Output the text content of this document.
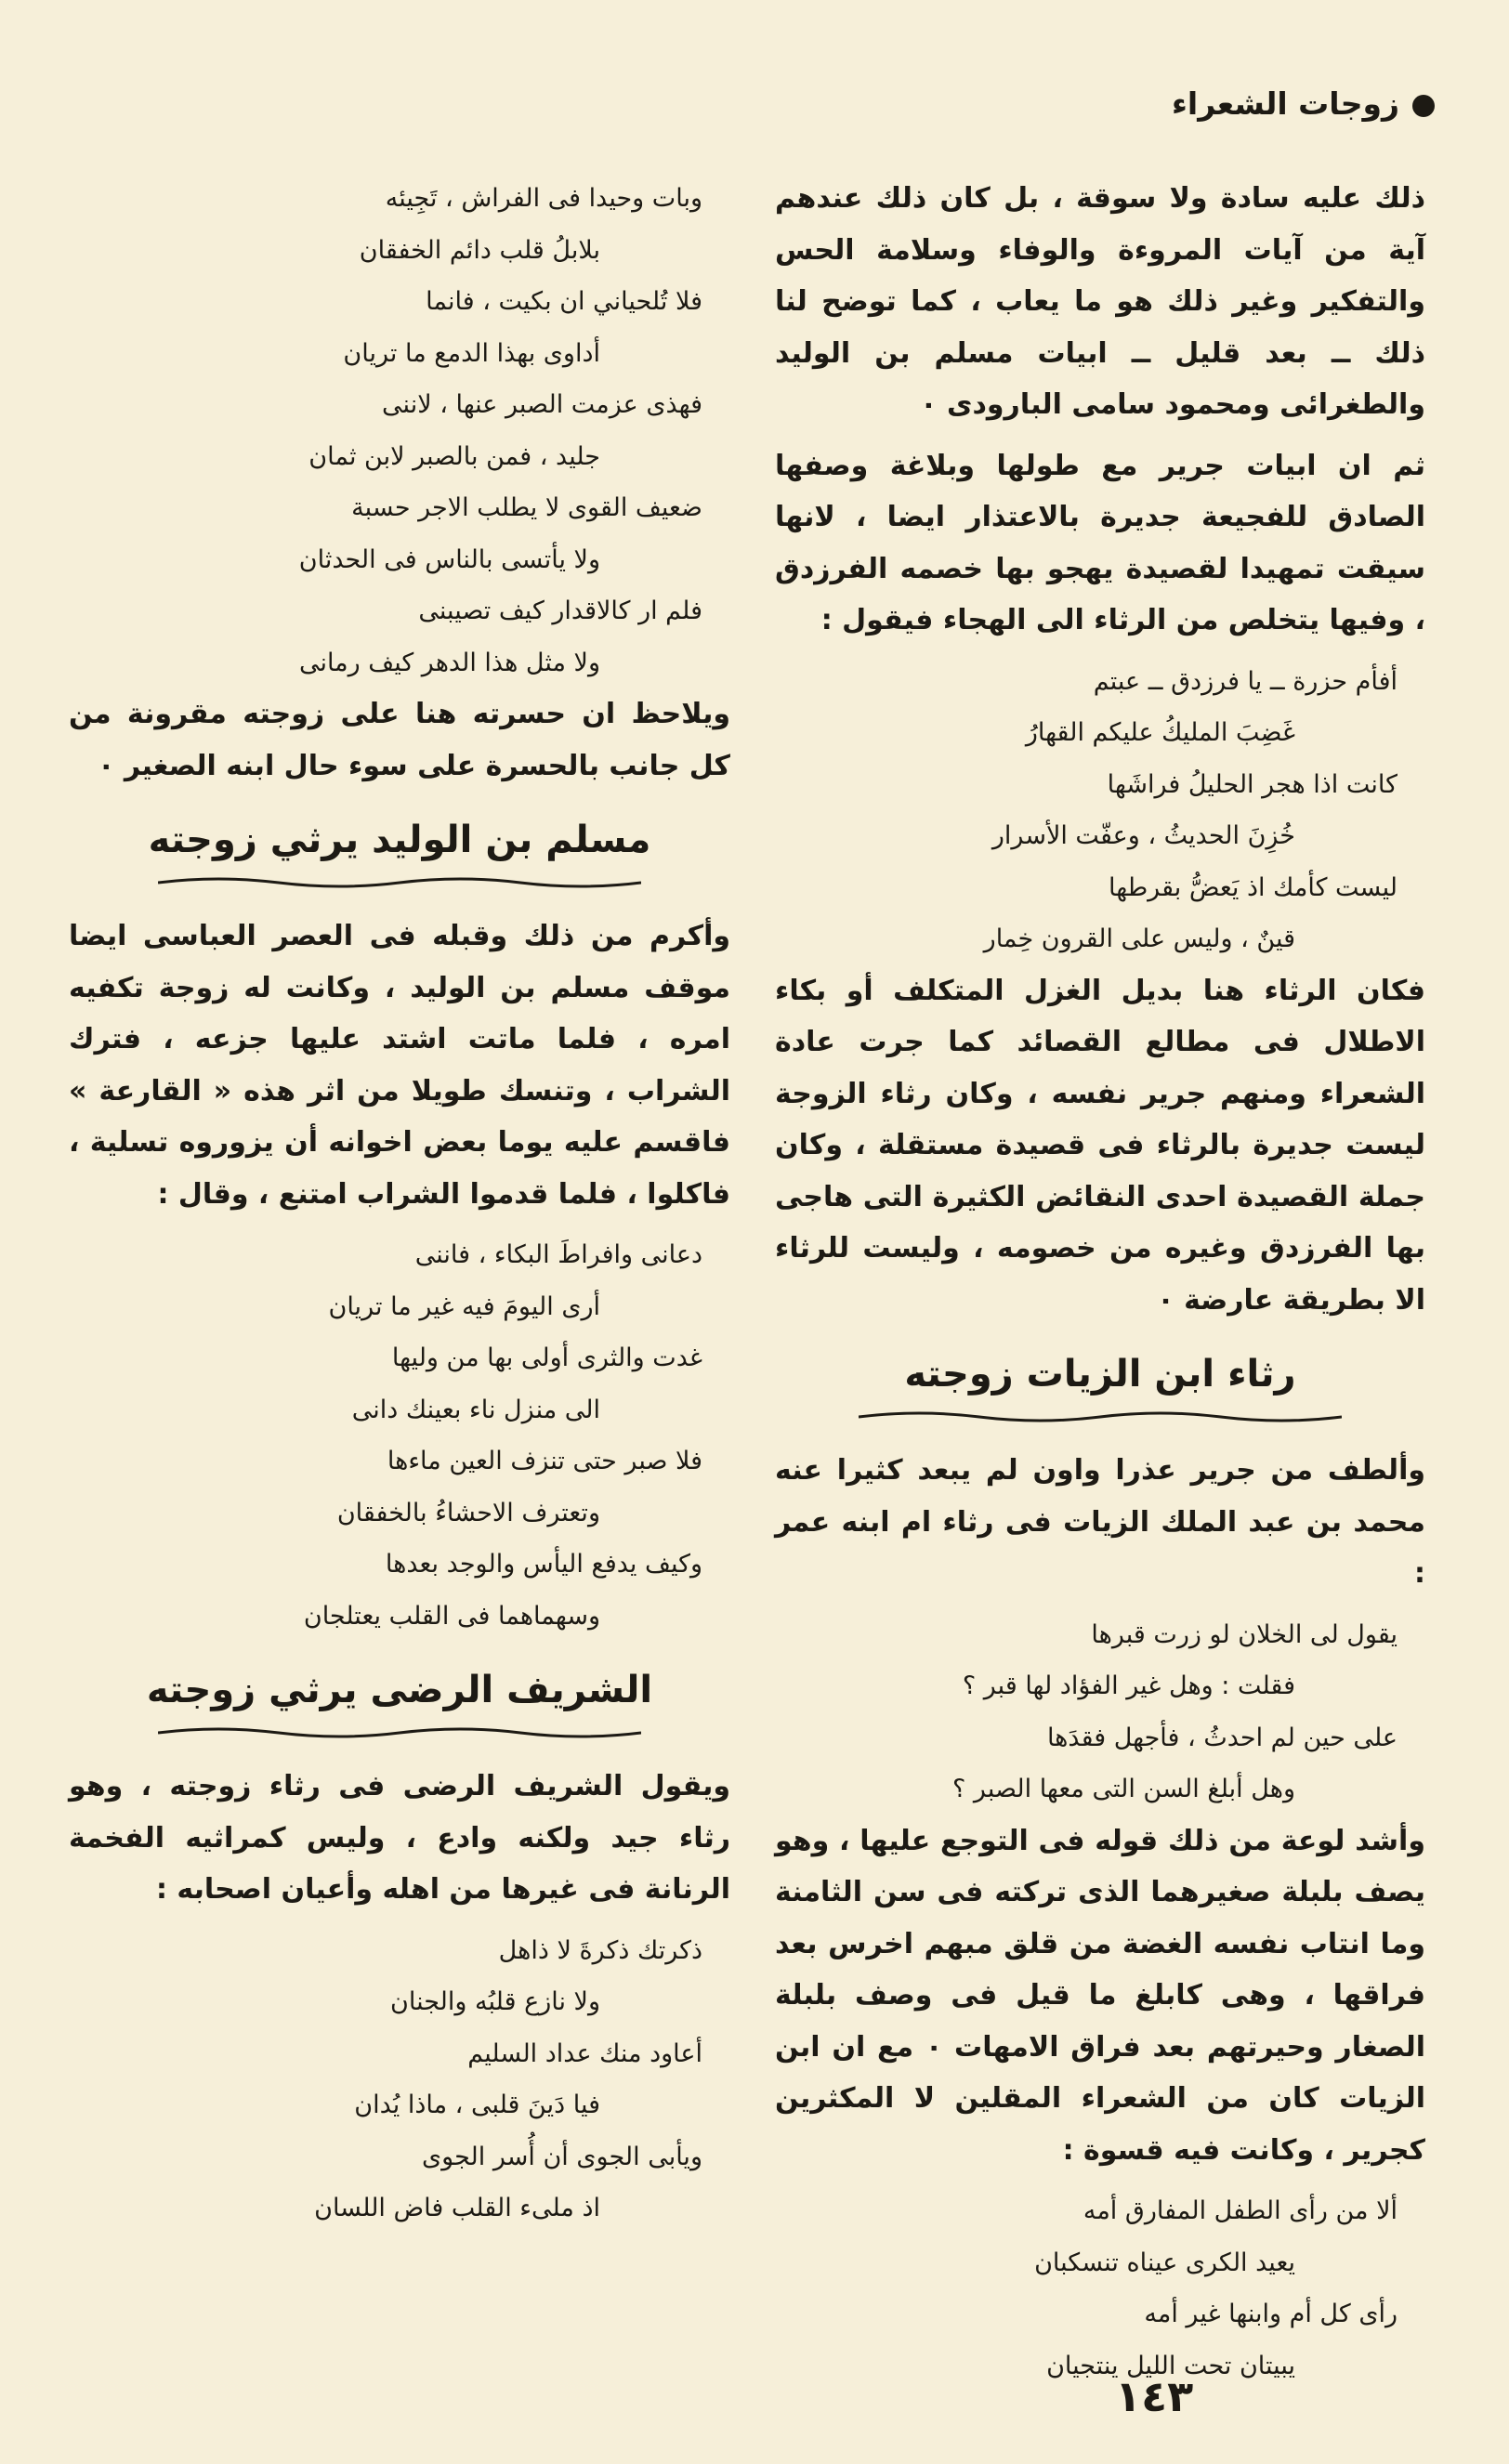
زوجات الشعراء

ذلك عليه سادة ولا سوقة ، بل كان ذلك عندهم آية من آيات المروءة والوفاء وسلامة الحس والتفكير وغير ذلك هو ما يعاب ، كما توضح لنا ذلك ــ بعد قليل ــ ابيات مسلم بن الوليد والطغرائى ومحمود سامى البارودى ٠

ثم ان ابيات جرير مع طولها وبلاغة وصفها الصادق للفجيعة جديرة بالاعتذار ايضا ، لانها سيقت تمهيدا لقصيدة يهجو بها خصمه الفرزدق ، وفيها يتخلص من الرثاء الى الهجاء فيقول :

أفأم حزرة ــ يا فرزدق ــ عبتم
غَضِبَ المليكُ عليكم القهارُ
كانت اذا هجر الحليلُ فراشَها
خُزِنَ الحديثُ ، وعفّت الأسرار
ليست كأمك اذ يَعضُّ بقرطها
قينٌ ، وليس على القرون خِمار

فكان الرثاء هنا بديل الغزل المتكلف أو بكاء الاطلال فى مطالع القصائد كما جرت عادة الشعراء ومنهم جرير نفسه ، وكان رثاء الزوجة ليست جديرة بالرثاء فى قصيدة مستقلة ، وكان جملة القصيدة احدى النقائض الكثيرة التى هاجى بها الفرزدق وغيره من خصومه ، وليست للرثاء الا بطريقة عارضة ٠

رثاء ابن الزيات زوجته

وألطف من جرير عذرا واون لم يبعد كثيرا عنه محمد بن عبد الملك الزيات فى رثاء ام ابنه عمر :

يقول لى الخلان لو زرت قبرها
فقلت : وهل غير الفؤاد لها قبر ؟
على حين لم احدثُ ، فأجهل فقدَها
وهل أبلغ السن التى معها الصبر ؟

وأشد لوعة من ذلك قوله فى التوجع عليها ، وهو يصف بلبلة صغيرهما الذى تركته فى سن الثامنة وما انتاب نفسه الغضة من قلق مبهم اخرس بعد فراقها ، وهى كابلغ ما قيل فى وصف بلبلة الصغار وحيرتهم بعد فراق الامهات ٠ مع ان ابن الزيات كان من الشعراء المقلين لا المكثرين كجرير ، وكانت فيه قسوة :

ألا من رأى الطفل المفارق أمه
يعيد الكرى عيناه تنسكبان
رأى كل أم وابنها غير أمه
يبيتان تحت الليل ينتجيان
وبات وحيدا فى الفراش ، تَجِيئه
بلابلُ قلب دائم الخفقان
فلا تُلحياني ان بكيت ، فانما
أداوى بهذا الدمع ما تريان
فهذى عزمت الصبر عنها ، لاننى
جليد ، فمن بالصبر لابن ثمان
ضعيف القوى لا يطلب الاجر حسبة
ولا يأتسى بالناس فى الحدثان
فلم ار كالاقدار كيف تصيبنى
ولا مثل هذا الدهر كيف رمانى

ويلاحظ ان حسرته هنا على زوجته مقرونة من كل جانب بالحسرة على سوء حال ابنه الصغير ٠

مسلم بن الوليد يرثي زوجته

وأكرم من ذلك وقبله فى العصر العباسى ايضا موقف مسلم بن الوليد ، وكانت له زوجة تكفيه امره ، فلما ماتت اشتد عليها جزعه ، فترك الشراب ، وتنسك طويلا من اثر هذه « القارعة » فاقسم عليه يوما بعض اخوانه أن يزوروه تسلية ، فاكلوا ، فلما قدموا الشراب امتنع ، وقال :

دعانى وافراطَ البكاء ، فاننى
أرى اليومَ فيه غير ما تريان
غدت والثرى أولى بها من وليها
الى منزل ناء بعينك دانى
فلا صبر حتى تنزف العين ماءها
وتعترف الاحشاءُ بالخفقان
وكيف يدفع اليأس والوجد بعدها
وسهماهما فى القلب يعتلجان
الشريف الرضى يرثي زوجته

ويقول الشريف الرضى فى رثاء زوجته ، وهو رثاء جيد ولكنه وادع ، وليس كمراثيه الفخمة الرنانة فى غيرها من اهله وأعيان اصحابه :

ذكرتك ذكرةَ لا ذاهل
ولا نازع قلبُه والجنان
أعاود منك عداد السليم
فيا دَينَ قلبى ، ماذا يُدان
ويأبى الجوى أن أُسر الجوى
اذ ملىء القلب فاض اللسان
١٤٣
